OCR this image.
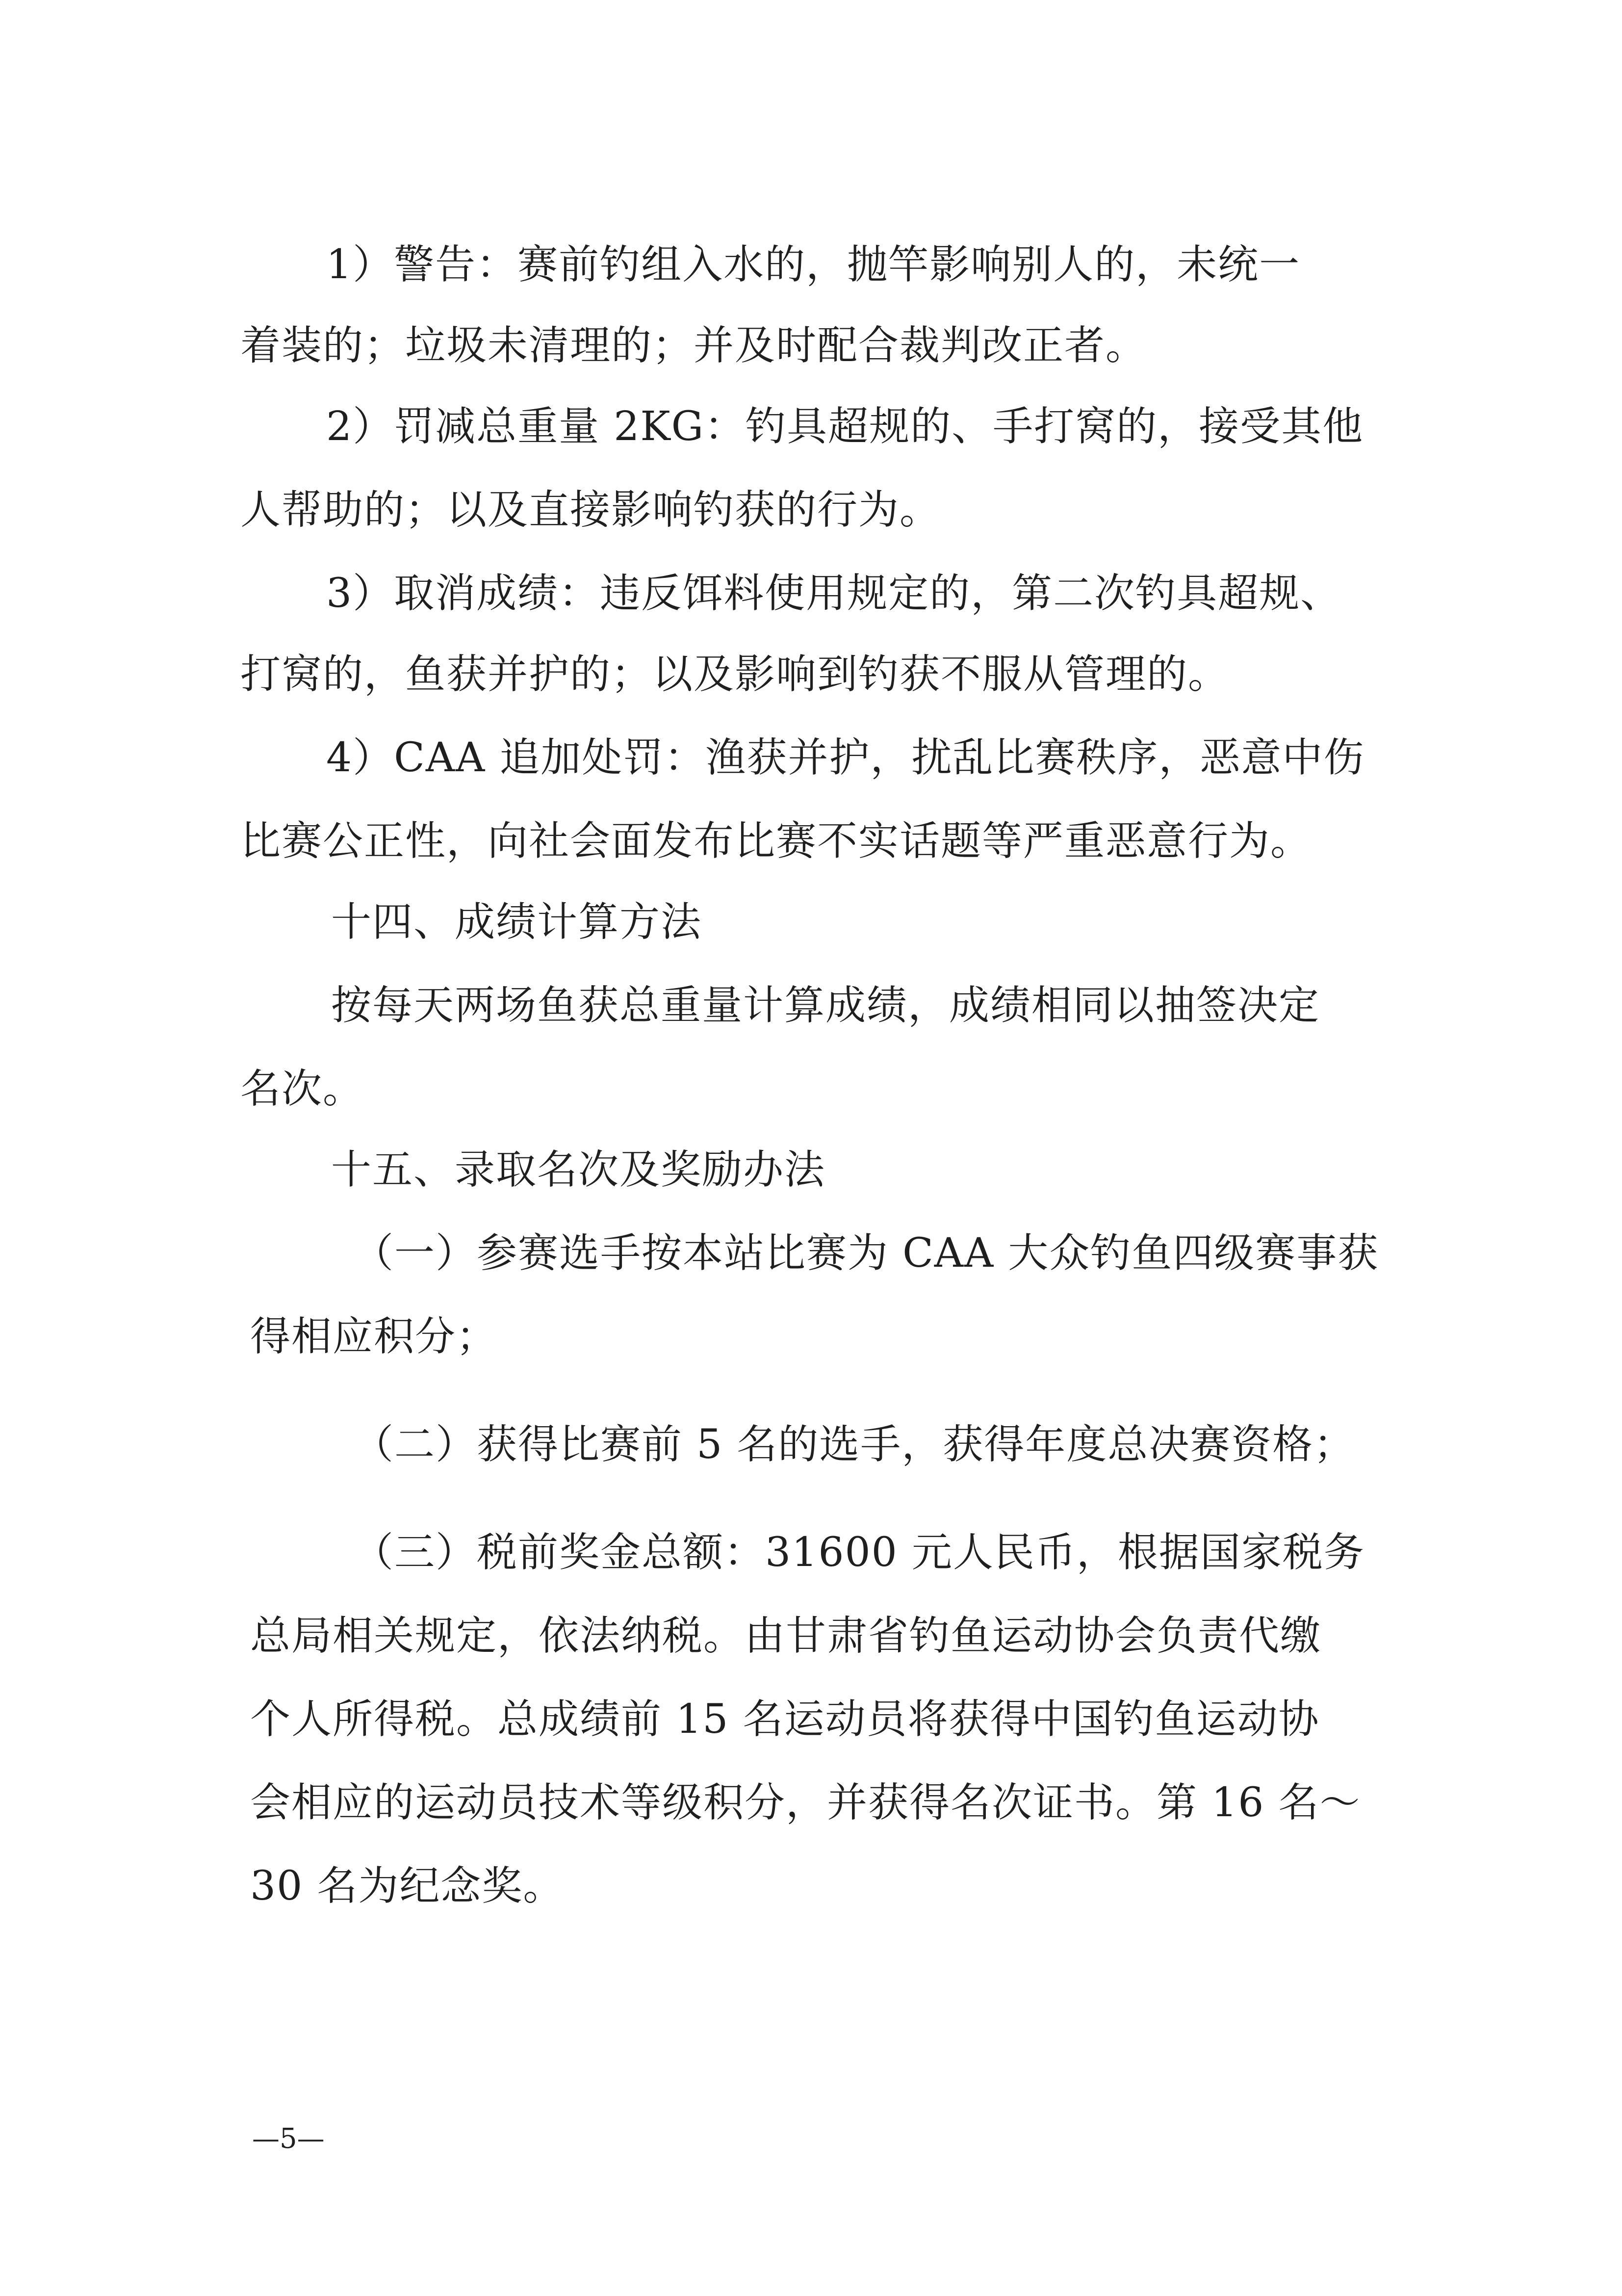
1）警告：赛前钓组入水的，抛竿影响别人的，未统一

着装的；垃圾未清理的；并及时配合裁判改正者。

2）罚减总重量 2KG：钓具超规的、手打窝的，接受其他

人帮助的；以及直接影响钓获的行为。

3）取消成绩：违反饵料使用规定的，第二次钓具超规、

打窝的，鱼获并护的；以及影响到钓获不服从管理的。

4）CAA 追加处罚：渔获并护，扰乱比赛秩序，恶意中伤

比赛公正性，向社会面发布比赛不实话题等严重恶意行为。

十四、成绩计算方法

按每天两场鱼获总重量计算成绩，成绩相同以抽签决定

名次。

十五、录取名次及奖励办法

（一）参赛选手按本站比赛为 CAA 大众钓鱼四级赛事获

得相应积分；

（二）获得比赛前 5 名的选手，获得年度总决赛资格；

（三）税前奖金总额：31600 元人民币，根据国家税务

总局相关规定，依法纳税。由甘肃省钓鱼运动协会负责代缴

个人所得税。总成绩前 15 名运动员将获得中国钓鱼运动协

会相应的运动员技术等级积分，并获得名次证书。第 16 名～

30 名为纪念奖。

—5—
